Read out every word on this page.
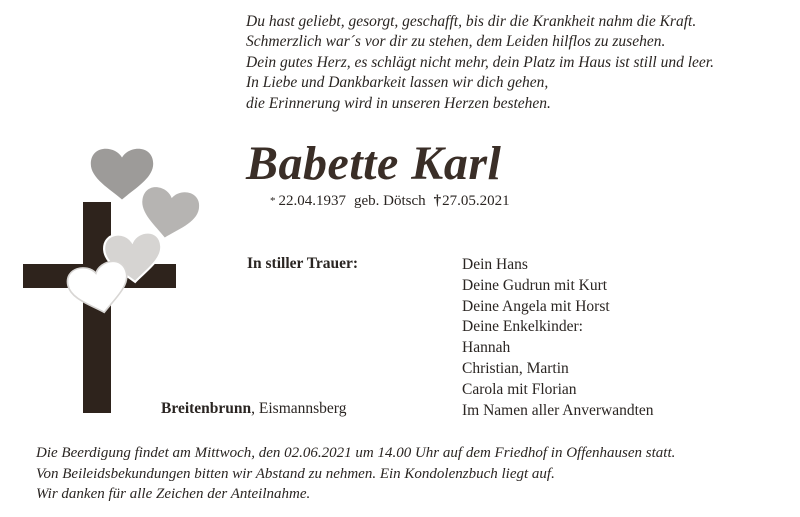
Du hast geliebt, gesorgt, geschafft, bis dir die Krankheit nahm die Kraft.
Schmerzlich war´s vor dir zu stehen, dem Leiden hilflos zu zusehen.
Dein gutes Herz, es schlägt nicht mehr, dein Platz im Haus ist still und leer.
In Liebe und Dankbarkeit lassen wir dich gehen,
die Erinnerung wird in unseren Herzen bestehen.
Babette Karl
* 22.04.1937 geb. Dötsch †27.05.2021
In stiller Trauer:	Dein Hans
Deine Gudrun mit Kurt
Deine Angela mit Horst
Deine Enkelkinder:
Hannah
Christian, Martin
Carola mit Florian
Im Namen aller Anverwandten
Breitenbrunn, Eismannsberg
Die Beerdigung findet am Mittwoch, den 02.06.2021 um 14.00 Uhr auf dem Friedhof in Offenhausen statt.
Von Beileidsbekundungen bitten wir Abstand zu nehmen. Ein Kondolenzbuch liegt auf.
Wir danken für alle Zeichen der Anteilnahme.
